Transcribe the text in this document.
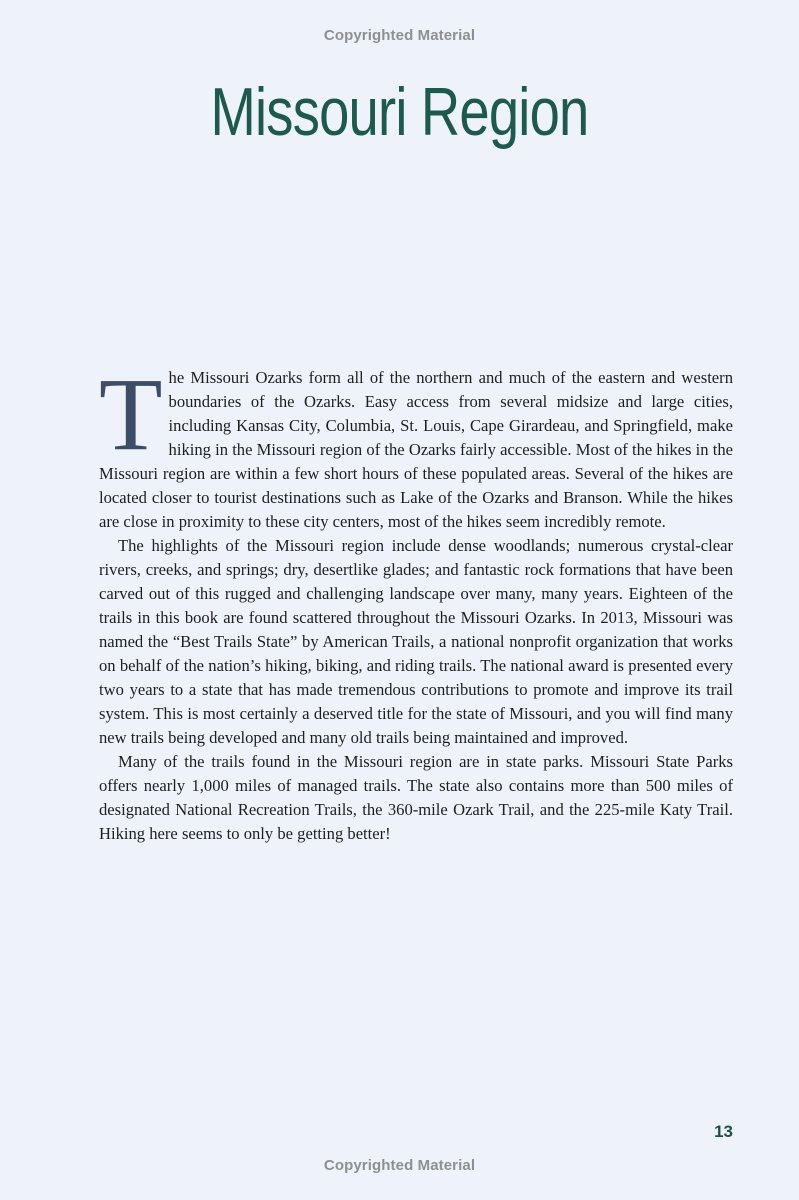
Copyrighted Material
Missouri Region

The Missouri Ozarks form all of the northern and much of the eastern and western boundaries of the Ozarks. Easy access from several midsize and large cities, including Kansas City, Columbia, St. Louis, Cape Girardeau, and Springfield, make hiking in the Missouri region of the Ozarks fairly accessible. Most of the hikes in the Missouri region are within a few short hours of these populated areas. Several of the hikes are located closer to tourist destinations such as Lake of the Ozarks and Branson. While the hikes are close in proximity to these city centers, most of the hikes seem incredibly remote.

The highlights of the Missouri region include dense woodlands; numerous crystal-clear rivers, creeks, and springs; dry, desertlike glades; and fantastic rock formations that have been carved out of this rugged and challenging landscape over many, many years. Eighteen of the trails in this book are found scattered throughout the Missouri Ozarks. In 2013, Missouri was named the “Best Trails State” by American Trails, a national nonprofit organization that works on behalf of the nation’s hiking, biking, and riding trails. The national award is presented every two years to a state that has made tremendous contributions to promote and improve its trail system. This is most certainly a deserved title for the state of Missouri, and you will find many new trails being developed and many old trails being maintained and improved.

Many of the trails found in the Missouri region are in state parks. Missouri State Parks offers nearly 1,000 miles of managed trails. The state also contains more than 500 miles of designated National Recreation Trails, the 360-mile Ozark Trail, and the 225-mile Katy Trail. Hiking here seems to only be getting better!

13
Copyrighted Material
